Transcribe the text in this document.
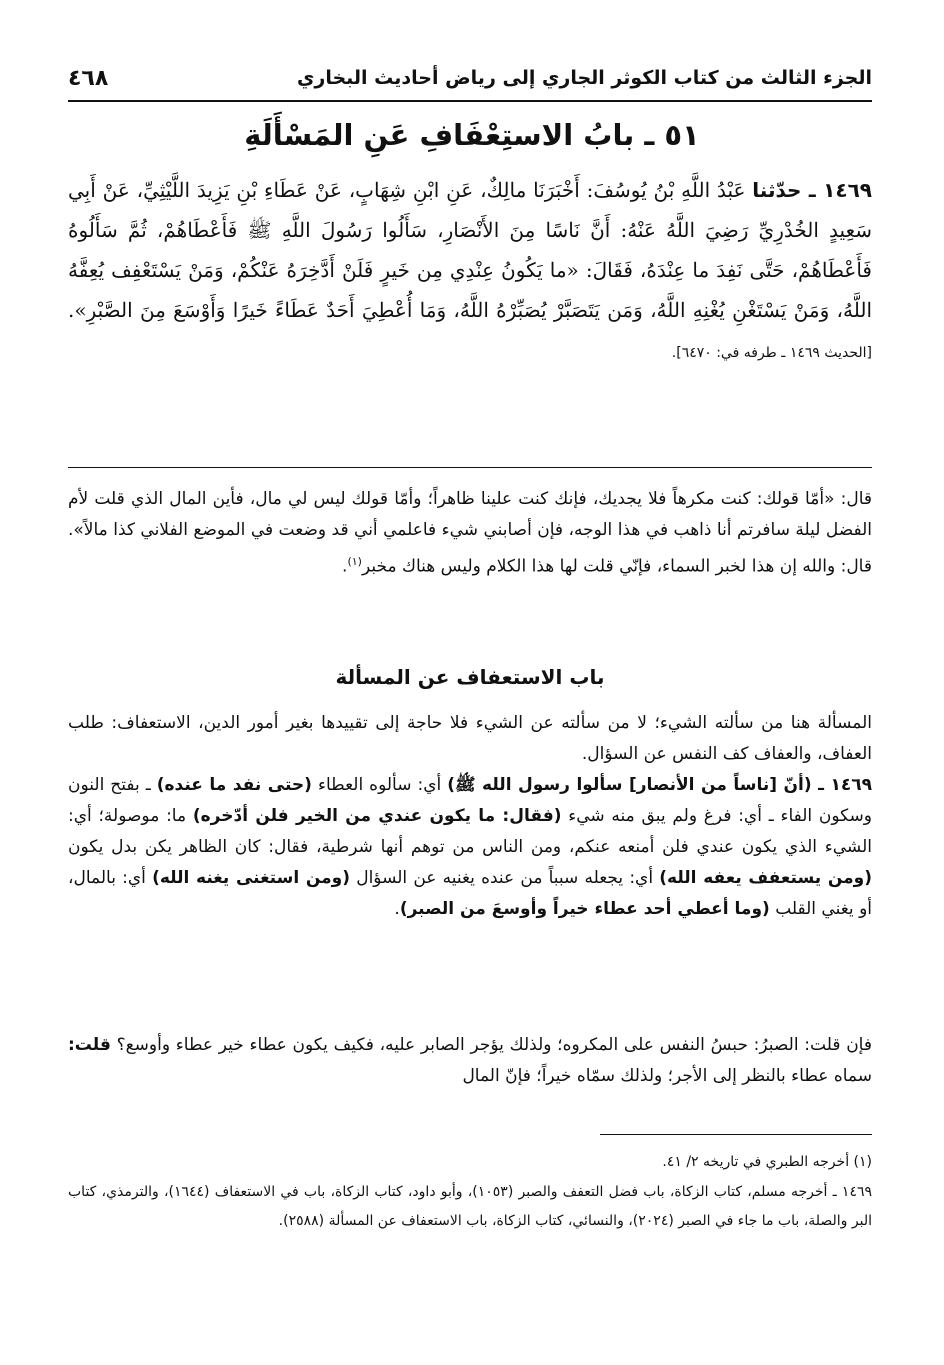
الجزء الثالث من كتاب الكوثر الجاري إلى رياض أحاديث البخاري
٤٦٨
٥١ ـ بابُ الاستِعْفَافِ عَنِ المَسْأَلَةِ
١٤٦٩ ـ حدّثنا عَبْدُ اللَّهِ بْنُ يُوسُفَ: أَخْبَرَنَا مالِكٌ، عَنِ ابْنِ شِهَابٍ، عَنْ عَطَاءِ بْنِ يَزِيدَ اللَّيْثِيِّ، عَنْ أَبِي سَعِيدٍ الخُدْرِيِّ رَضِيَ اللَّهُ عَنْهُ: أَنَّ نَاسًا مِنَ الأَنْصَارِ، سَأَلُوا رَسُولَ اللَّهِ ﷺ فَأَعْطَاهُمْ، ثُمَّ سَأَلُوهُ فَأَعْطَاهُمْ، حَتَّى نَفِدَ ما عِنْدَهُ، فَقَالَ: «ما يَكُونُ عِنْدِي مِن خَيرٍ فَلَنْ أَدَّخِرَهُ عَنْكُمْ، وَمَنْ يَسْتَعْفِف يُعِفَّهُ اللَّهُ، وَمَنْ يَسْتَغْنِ يُغْنِهِ اللَّهُ، وَمَن يَتَصَبَّرْ يُصَبِّرْهُ اللَّهُ، وَمَا أُعْطِيَ أَحَدٌ عَطَاءً خَيرًا وَأَوْسَعَ مِنَ الصَّبْرِ». [الحديث ١٤٦٩ ـ طرفه في: ٦٤٧٠].

قال: «أمّا قولك: كنت مكرهاً فلا يجديك، فإنك كنت علينا ظاهراً؛ وأمّا قولك ليس لي مال، فأين المال الذي قلت لأم الفضل ليلة سافرتم أنا ذاهب في هذا الوجه، فإن أصابني شيء فاعلمي أني قد وضعت في الموضع الفلاني كذا مالاً». قال: والله إن هذا لخبر السماء، فإنّي قلت لها هذا الكلام وليس هناك مخبر$^{(١)}$.

باب الاستعفاف عن المسألة

المسألة هنا من سألته الشيء؛ لا من سألته عن الشيء فلا حاجة إلى تقييدها بغير أمور الدين، الاستعفاف: طلب العفاف، والعفاف كف النفس عن السؤال.

١٤٦٩ ـ (أنّ [ناساً من الأنصار] سألوا رسول الله ﷺ) أي: سألوه العطاء (حتى نفد ما عنده) ـ بفتح النون وسكون الفاء ـ أي: فرغ ولم يبق منه شيء (فقال: ما يكون عندي من الخير فلن أدّخره) ما: موصولة؛ أي: الشيء الذي يكون عندي فلن أمنعه عنكم، ومن الناس من توهم أنها شرطية، فقال: كان الظاهر يكن بدل يكون (ومن يستعفف يعفه الله) أي: يجعله سبباً من عنده يغنيه عن السؤال (ومن استغنى يغنه الله) أي: بالمال، أو يغني القلب (وما أعطي أحد عطاء خيراً وأوسعَ من الصبر).

فإن قلت: الصبرُ: حبسُ النفس على المكروه؛ ولذلك يؤجر الصابر عليه، فكيف يكون عطاء خير عطاء وأوسع؟ قلت: سماه عطاء بالنظر إلى الأجر؛ ولذلك سمّاه خيراً؛ فإنّ المال

(١) أخرجه الطبري في تاريخه ٢/ ٤١.

١٤٦٩ ـ أخرجه مسلم، كتاب الزكاة، باب فضل التعفف والصبر (١٠٥٣)، وأبو داود، كتاب الزكاة، باب في الاستعفاف (١٦٤٤)، والترمذي، كتاب البر والصلة، باب ما جاء في الصبر (٢٠٢٤)، والنسائي، كتاب الزكاة، باب الاستعفاف عن المسألة (٢٥٨٨).
